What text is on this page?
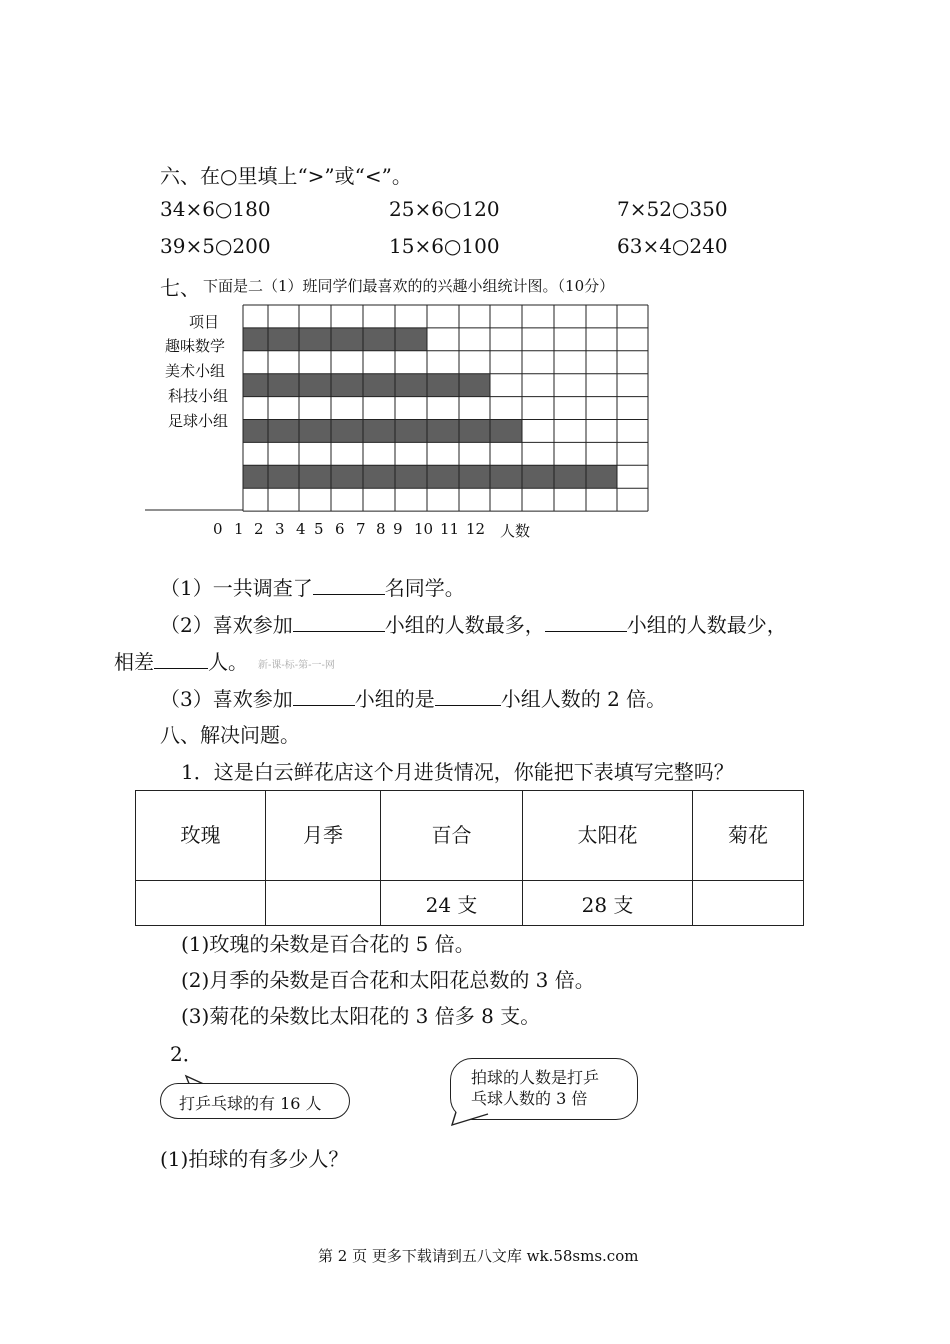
六、在○里填上“>”或“<”。
34×6○180	25×6○120	7×52○350
39×5○200	15×6○100	63×4○240
七、 下面是二（1）班同学们最喜欢的的兴趣小组统计图。（10分）
项目
趣味数学
美术小组
科技小组
足球小组
0 1 2 3 4 5 6 7 8 9 10 11 12 人数
（1）一共调查了	名同学。
（2）喜欢参加	小组的人数最多，	小组的人数最少，
相差	人。 新-课-标-第-一-网
（3）喜欢参加	小组的是	小组人数的 2 倍。
八、解决问题。
1．这是白云鲜花店这个月进货情况，你能把下表填写完整吗？
玫瑰	月季	百合	太阳花	菊花
		24 支	28 支	
(1)玫瑰的朵数是百合花的 5 倍。
(2)月季的朵数是百合花和太阳花总数的 3 倍。
(3)菊花的朵数比太阳花的 3 倍多 8 支。
2．
打乒乓球的有 16 人
拍球的人数是打乒
乓球人数的 3 倍
(1)拍球的有多少人？
第 2 页 更多下载请到五八文库 wk.58sms.com
